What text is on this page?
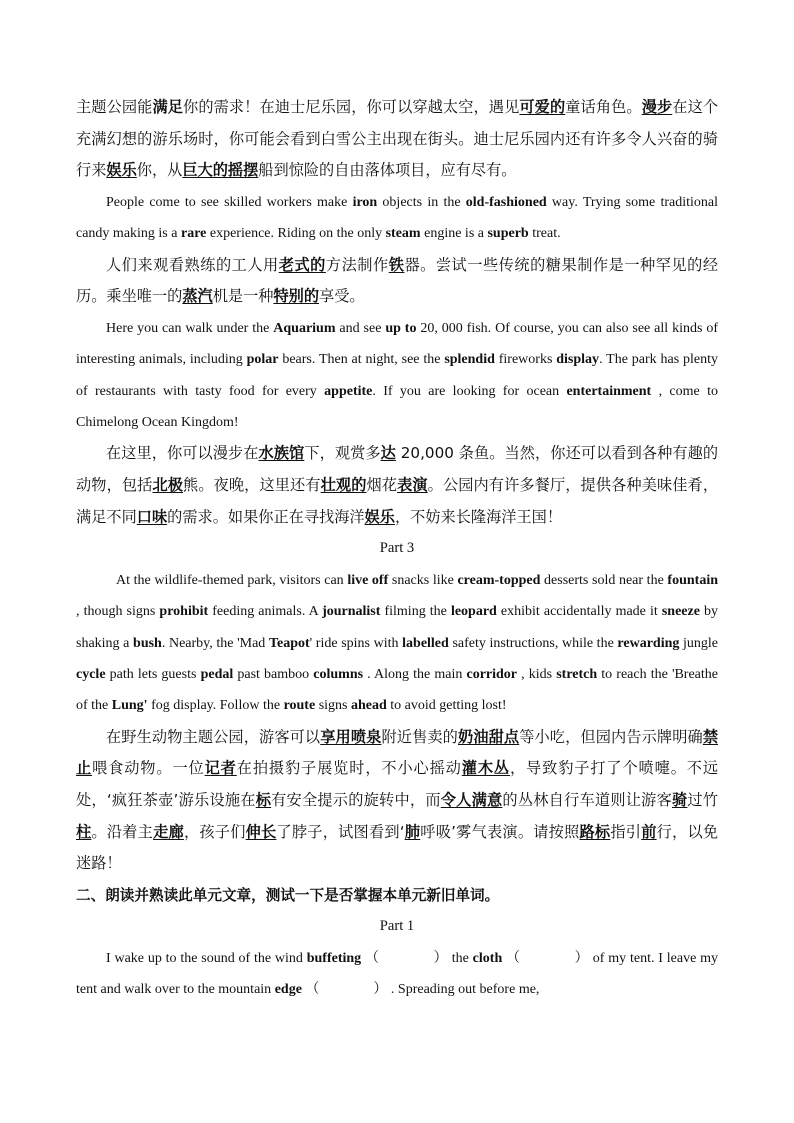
主题公园能满足你的需求！在迪士尼乐园，你可以穿越太空，遇见可爱的童话角色。漫步在这个充满幻想的游乐场时，你可能会看到白雪公主出现在街头。迪士尼乐园内还有许多令人兴奋的骑行来娱乐你，从巨大的摇摆船到惊险的自由落体项目，应有尽有。

People come to see skilled workers make iron objects in the old-fashioned way. Trying some traditional candy making is a rare experience. Riding on the only steam engine is a superb treat.

人们来观看熟练的工人用老式的方法制作铁器。尝试一些传统的糖果制作是一种罕见的经历。乘坐唯一的蒸汽机是一种特别的享受。

Here you can walk under the Aquarium and see up to 20, 000 fish. Of course, you can also see all kinds of interesting animals, including polar bears. Then at night, see the splendid fireworks display. The park has plenty of restaurants with tasty food for every appetite. If you are looking for ocean entertainment , come to Chimelong Ocean Kingdom!

在这里，你可以漫步在水族馆下，观赏多达 20,000 条鱼。当然，你还可以看到各种有趣的动物，包括北极熊。夜晚，这里还有壮观的烟花表演。公园内有许多餐厅，提供各种美味佳肴，满足不同口味的需求。如果你正在寻找海洋娱乐，不妨来长隆海洋王国！

Part 3

At the wildlife-themed park, visitors can live off snacks like cream-topped desserts sold near the fountain , though signs prohibit feeding animals. A journalist filming the leopard exhibit accidentally made it sneeze by shaking a bush. Nearby, the 'Mad Teapot' ride spins with labelled safety instructions, while the rewarding jungle cycle path lets guests pedal past bamboo columns . Along the main corridor , kids stretch to reach the 'Breathe of the Lung' fog display. Follow the route signs ahead to avoid getting lost!

在野生动物主题公园，游客可以享用喷泉附近售卖的奶油甜点等小吃，但园内告示牌明确禁止喂食动物。一位记者在拍摄豹子展览时，不小心摇动灌木丛，导致豹子打了个喷嚏。不远处，‘疯狂茶壶’游乐设施在标有安全提示的旋转中，而令人满意的丛林自行车道则让游客骑过竹柱。沿着主走廊，孩子们伸长了脖子，试图看到‘肺呼吸’雾气表演。请按照路标指引前行，以免迷路！

二、朗读并熟读此单元文章，测试一下是否掌握本单元新旧单词。

Part 1

I wake up to the sound of the wind buffeting （	） the cloth （	） of my tent. I leave my tent and walk over to the mountain edge （	） . Spreading out before me,
